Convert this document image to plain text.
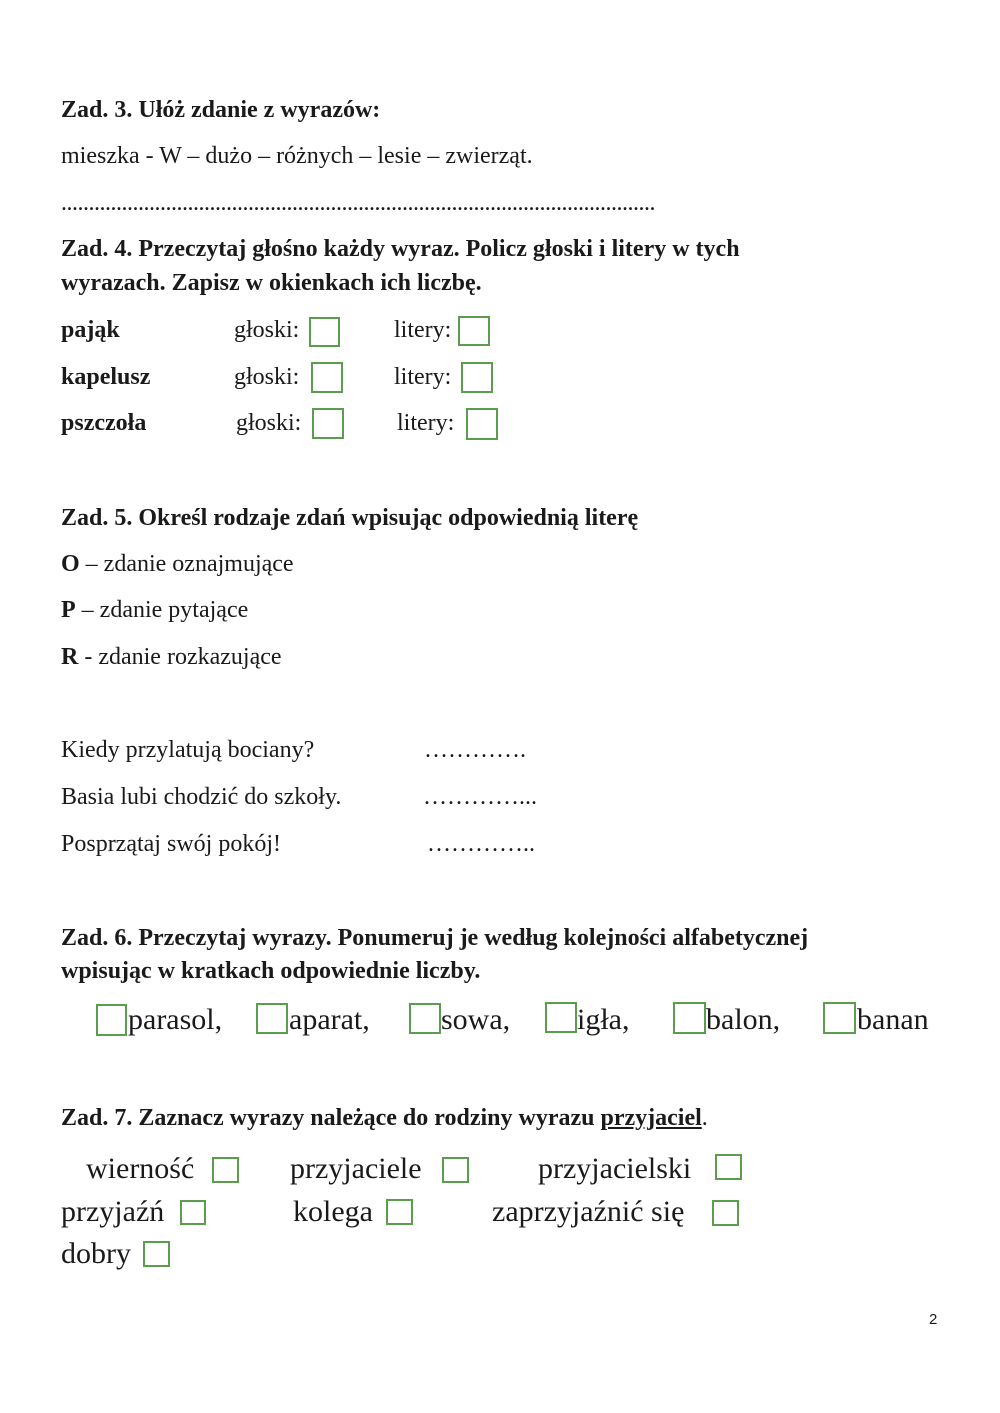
Zad. 3. Ułóż zdanie z wyrazów:
mieszka - W – dużo – różnych – lesie – zwierząt.
............................................................................................................
Zad. 4. Przeczytaj głośno każdy wyraz. Policz głoski i litery w tych
wyrazach. Zapisz w okienkach ich liczbę.
pająk	głoski:	litery:
kapelusz	głoski:	litery:
pszczoła	głoski:	litery:
Zad. 5. Określ rodzaje zdań wpisując odpowiednią literę
O – zdanie oznajmujące
P – zdanie pytające
R - zdanie rozkazujące
Kiedy przylatują bociany?	………….
Basia lubi chodzić do szkoły.	…………...
Posprzątaj swój pokój!	…………..
Zad. 6. Przeczytaj wyrazy. Ponumeruj je według kolejności alfabetycznej
wpisując w kratkach odpowiednie liczby.
parasol, aparat, sowa, igła,	balon,	banan
Zad. 7. Zaznacz wyrazy należące do rodziny wyrazu przyjaciel.
wierność	przyjaciele	przyjacielski
przyjaźń	kolega	zaprzyjaźnić się
dobry
2
